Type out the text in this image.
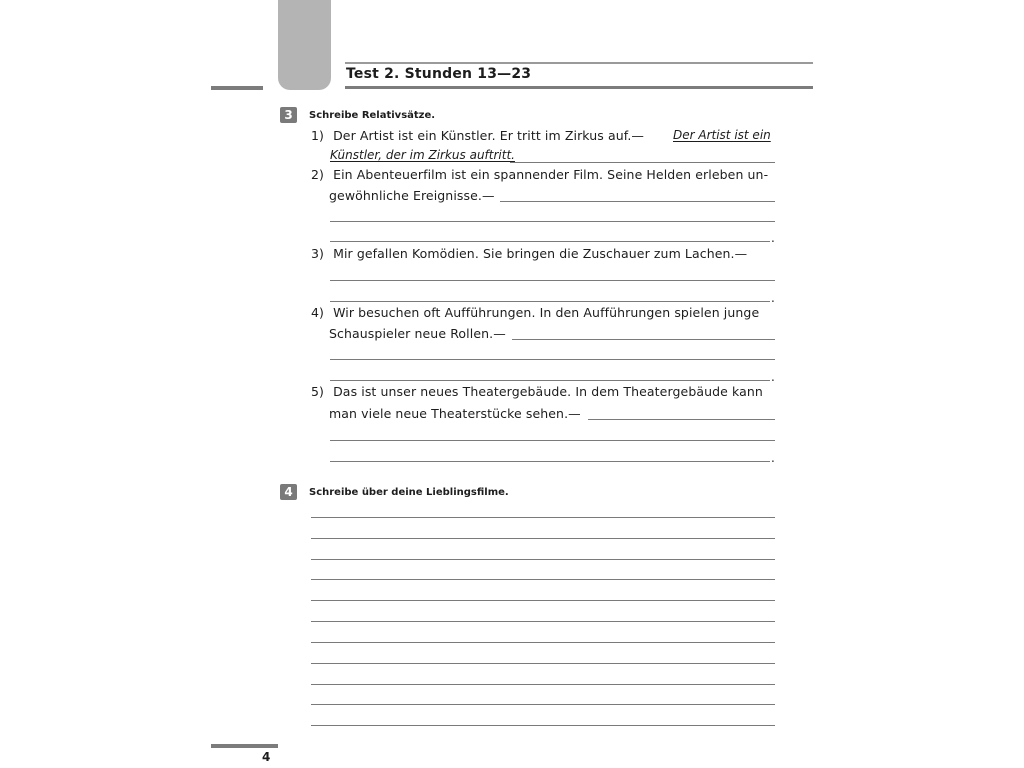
Test 2. Stunden 13—23
3	Schreibe Relativsätze.
1) Der Artist ist ein Künstler. Er tritt im Zirkus auf.— Der Artist ist ein
Künstler, der im Zirkus auftritt.
2) Ein Abenteuerfilm ist ein spannender Film. Seine Helden erleben un-
gewöhnliche Ereignisse.—
.
3) Mir gefallen Komödien. Sie bringen die Zuschauer zum Lachen.—
.
4) Wir besuchen oft Aufführungen. In den Aufführungen spielen junge
Schauspieler neue Rollen.—
.
5) Das ist unser neues Theatergebäude. In dem Theatergebäude kann
man viele neue Theaterstücke sehen.—
.
4	Schreibe über deine Lieblingsfilme.
4
